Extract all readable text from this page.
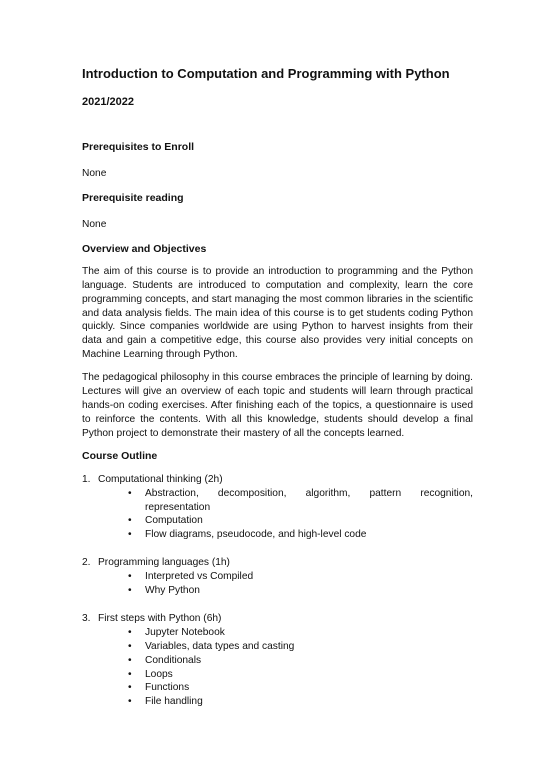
Introduction to Computation and Programming with Python
2021/2022
Prerequisites to Enroll
None
Prerequisite reading
None
Overview and Objectives

The aim of this course is to provide an introduction to programming and the Python language. Students are introduced to computation and complexity, learn the core programming concepts, and start managing the most common libraries in the scientific and data analysis fields. The main idea of this course is to get students coding Python quickly. Since companies worldwide are using Python to harvest insights from their data and gain a competitive edge, this course also provides very initial concepts on Machine Learning through Python.

The pedagogical philosophy in this course embraces the principle of learning by doing. Lectures will give an overview of each topic and students will learn through practical hands-on coding exercises. After finishing each of the topics, a questionnaire is used to reinforce the contents. With all this knowledge, students should develop a final Python project to demonstrate their mastery of all the concepts learned.

Course Outline
1. Computational thinking (2h)
•	Abstraction, decomposition, algorithm, pattern recognition,
representation
•	Computation
•	Flow diagrams, pseudocode, and high-level code
2. Programming languages (1h)
•	Interpreted vs Compiled
•	Why Python
3. First steps with Python (6h)
•	Jupyter Notebook
•	Variables, data types and casting
•	Conditionals
•	Loops
•	Functions
•	File handling
